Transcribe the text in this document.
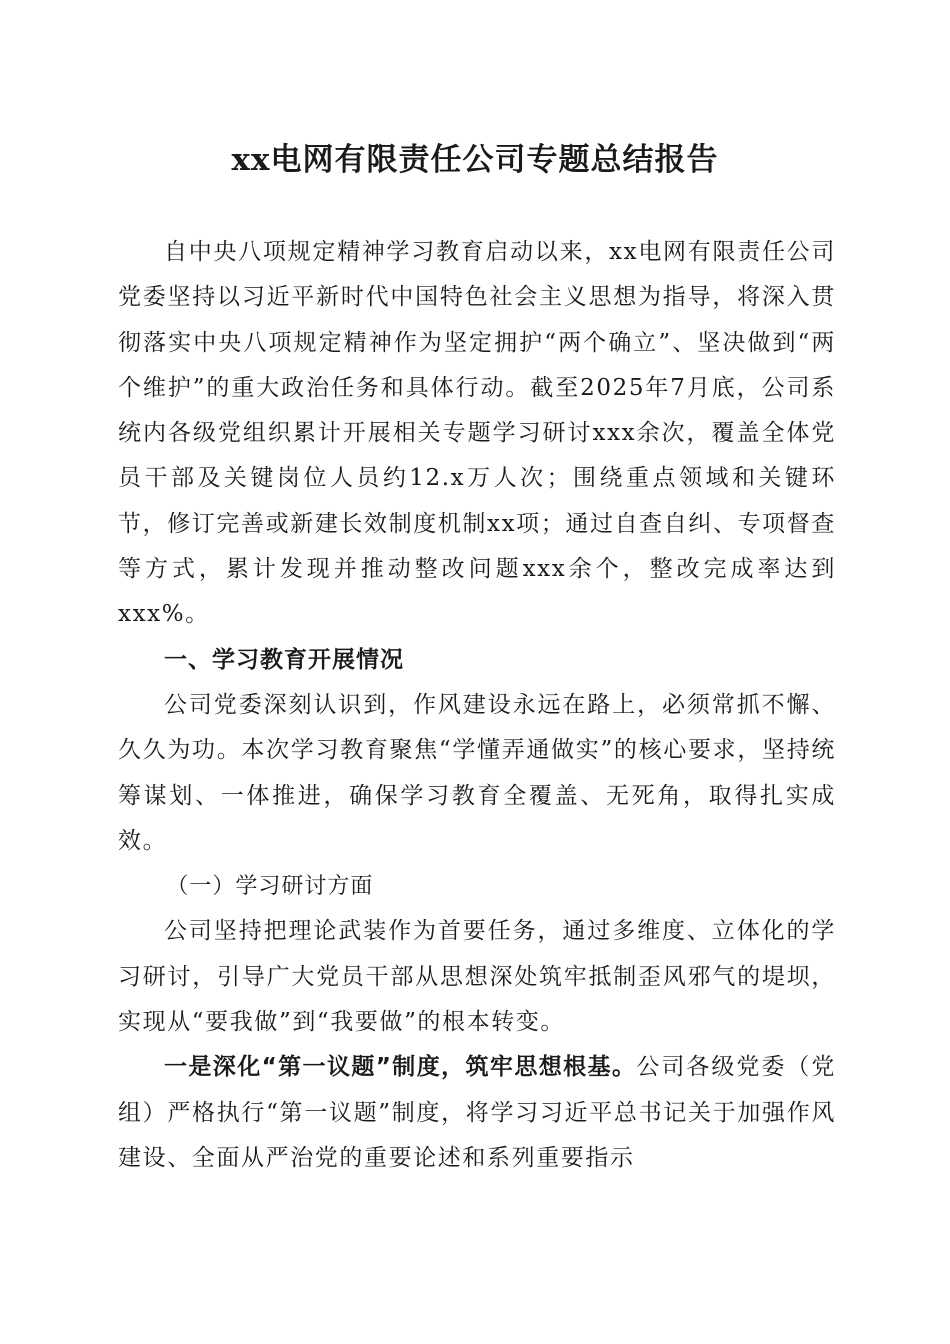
xx电网有限责任公司专题总结报告

自中央八项规定精神学习教育启动以来，xx电网有限责任公司党委坚持以习近平新时代中国特色社会主义思想为指导，将深入贯彻落实中央八项规定精神作为坚定拥护“两个确立”、坚决做到“两个维护”的重大政治任务和具体行动。截至2025年7月底，公司系统内各级党组织累计开展相关专题学习研讨xxx余次，覆盖全体党员干部及关键岗位人员约12.x万人次；围绕重点领域和关键环节，修订完善或新建长效制度机制xx项；通过自查自纠、专项督查等方式，累计发现并推动整改问题xxx余个，整改完成率达到xxx%。

一、学习教育开展情况

公司党委深刻认识到，作风建设永远在路上，必须常抓不懈、久久为功。本次学习教育聚焦“学懂弄通做实”的核心要求，坚持统筹谋划、一体推进，确保学习教育全覆盖、无死角，取得扎实成效。

（一）学习研讨方面

公司坚持把理论武装作为首要任务，通过多维度、立体化的学习研讨，引导广大党员干部从思想深处筑牢抵制歪风邪气的堤坝，实现从“要我做”到“我要做”的根本转变。

一是深化“第一议题”制度，筑牢思想根基。公司各级党委（党组）严格执行“第一议题”制度，将学习习近平总书记关于加强作风建设、全面从严治党的重要论述和系列重要指示
